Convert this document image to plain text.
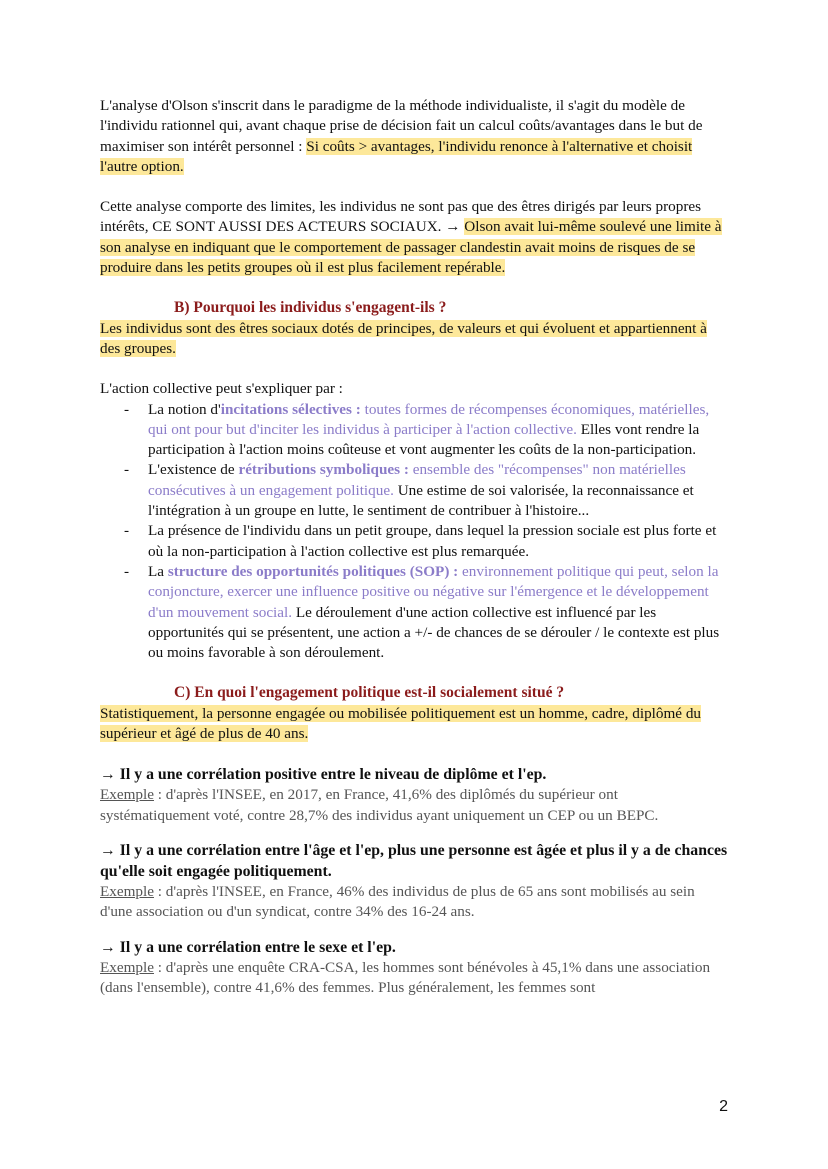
L'analyse d'Olson s'inscrit dans le paradigme de la méthode individualiste, il s'agit du modèle de l'individu rationnel qui, avant chaque prise de décision fait un calcul coûts/avantages dans le but de maximiser son intérêt personnel : Si coûts > avantages, l'individu renonce à l'alternative et choisit l'autre option.

Cette analyse comporte des limites, les individus ne sont pas que des êtres dirigés par leurs propres intérêts, CE SONT AUSSI DES ACTEURS SOCIAUX. → Olson avait lui-même soulevé une limite à son analyse en indiquant que le comportement de passager clandestin avait moins de risques de se produire dans les petits groupes où il est plus facilement repérable.

B) Pourquoi les individus s'engagent-ils ?

Les individus sont des êtres sociaux dotés de principes, de valeurs et qui évoluent et appartiennent à des groupes.

L'action collective peut s'expliquer par :

- La notion d'incitations sélectives : toutes formes de récompenses économiques, matérielles, qui ont pour but d'inciter les individus à participer à l'action collective. Elles vont rendre la participation à l'action moins coûteuse et vont augmenter les coûts de la non-participation.
- L'existence de rétributions symboliques : ensemble des "récompenses" non matérielles consécutives à un engagement politique. Une estime de soi valorisée, la reconnaissance et l'intégration à un groupe en lutte, le sentiment de contribuer à l'histoire...
- La présence de l'individu dans un petit groupe, dans lequel la pression sociale est plus forte et où la non-participation à l'action collective est plus remarquée.
- La structure des opportunités politiques (SOP) : environnement politique qui peut, selon la conjoncture, exercer une influence positive ou négative sur l'émergence et le développement d'un mouvement social. Le déroulement d'une action collective est influencé par les opportunités qui se présentent, une action a +/- de chances de se dérouler / le contexte est plus ou moins favorable à son déroulement.

C) En quoi l'engagement politique est-il socialement situé ?

Statistiquement, la personne engagée ou mobilisée politiquement est un homme, cadre, diplômé du supérieur et âgé de plus de 40 ans.

→ Il y a une corrélation positive entre le niveau de diplôme et l'ep.

Exemple : d'après l'INSEE, en 2017, en France, 41,6% des diplômés du supérieur ont systématiquement voté, contre 28,7% des individus ayant uniquement un CEP ou un BEPC.

→ Il y a une corrélation entre l'âge et l'ep, plus une personne est âgée et plus il y a de chances qu'elle soit engagée politiquement.

Exemple : d'après l'INSEE, en France, 46% des individus de plus de 65 ans sont mobilisés au sein d'une association ou d'un syndicat, contre 34% des 16-24 ans.

→ Il y a une corrélation entre le sexe et l'ep.

Exemple : d'après une enquête CRA-CSA, les hommes sont bénévoles à 45,1% dans une association (dans l'ensemble), contre 41,6% des femmes. Plus généralement, les femmes sont

2
